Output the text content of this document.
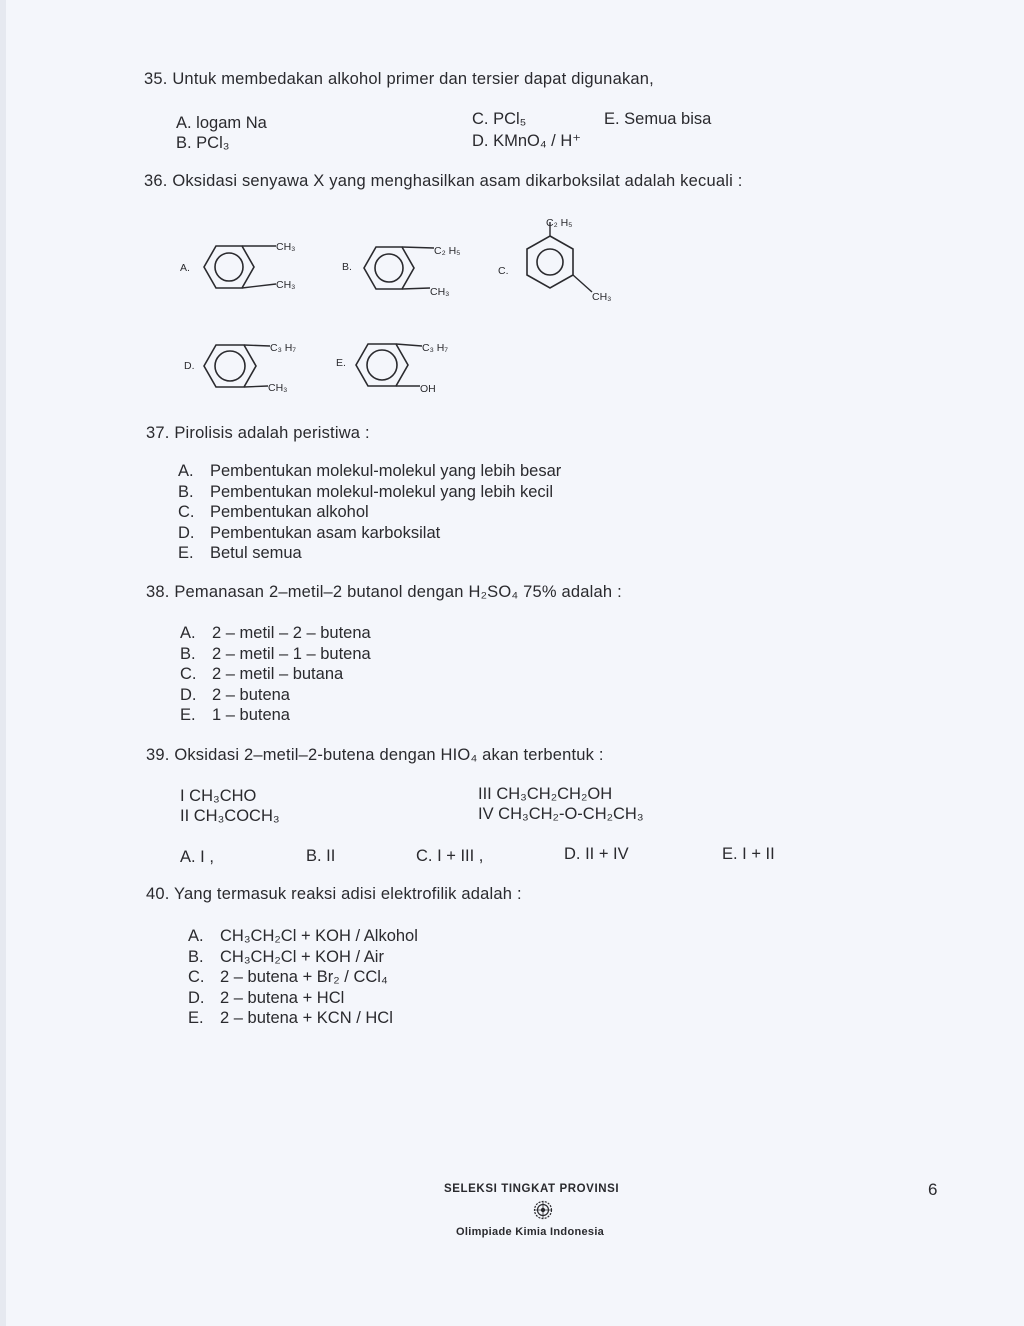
35. Untuk membedakan alkohol primer dan tersier dapat digunakan,
A. logam Na
B. PCl₃
C. PCl₅
D. KMnO₄ / H⁺
E. Semua bisa
36. Oksidasi senyawa X yang menghasilkan asam dikarboksilat adalah kecuali :
A.
CH₃
CH₃
B.
C₂ H₅
CH₃
C.
C₂ H₅
CH₃
D.
C₃ H₇
CH₃
E.
C₃ H₇
OH
37. Pirolisis adalah peristiwa :
A. Pembentukan molekul-molekul yang lebih besar
B. Pembentukan molekul-molekul yang lebih kecil
C. Pembentukan alkohol
D. Pembentukan asam karboksilat
E. Betul semua
38. Pemanasan 2–metil–2 butanol dengan H₂SO₄ 75% adalah :
A. 2 – metil – 2 – butena
B. 2 – metil – 1 – butena
C. 2 – metil – butana
D. 2 – butena
E. 1 – butena
39. Oksidasi 2–metil–2-butena dengan HIO₄ akan terbentuk :
I CH₃CHO
II CH₃COCH₃
III CH₃CH₂CH₂OH
IV CH₃CH₂-O-CH₂CH₃
A. I ,	B. II	C. I + III ,	D. II + IV	E. I + II
40. Yang termasuk reaksi adisi elektrofilik adalah :
A. CH₃CH₂Cl + KOH / Alkohol
B. CH₃CH₂Cl + KOH / Air
C. 2 – butena + Br₂ / CCl₄
D. 2 – butena + HCl
E. 2 – butena + KCN / HCl
SELEKSI TINGKAT PROVINSI
Olimpiade Kimia Indonesia
6
